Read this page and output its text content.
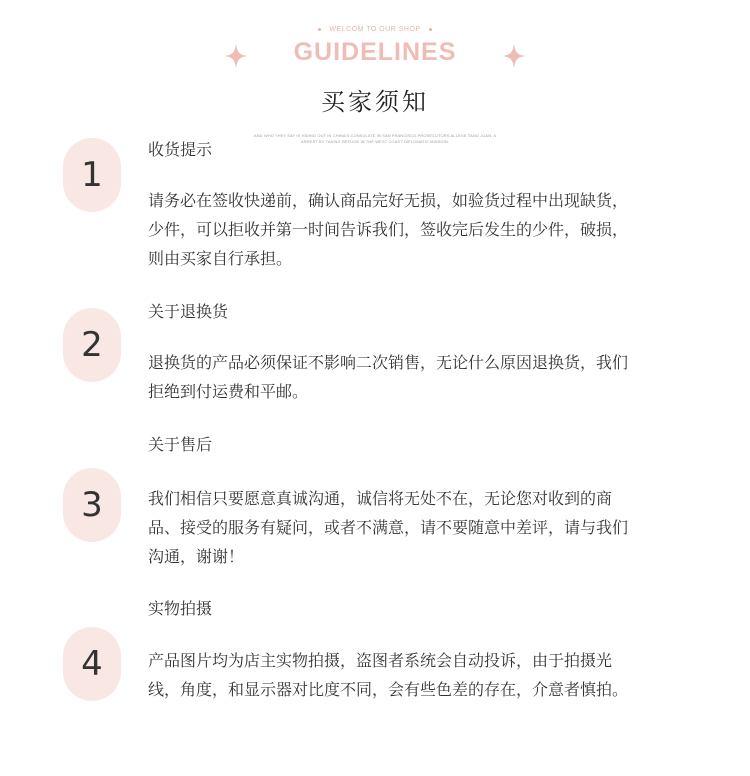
WELCOM TO OUR SHOP
GUIDELINES
买家须知
AND WHO THEY SAY IS HIDING OUT IN CHINA'S CONSULATE IN SAN FRANCISCO,PROSECUTORS ALLEGE.TANG JUAN, A
ARREST BY TAKING REFUGE IN THE WEST COAST DIPLOMATIC MISSION.
1
收货提示
请务必在签收快递前，确认商品完好无损，如验货过程中出现缺货，
少件，可以拒收并第一时间告诉我们，签收完后发生的少件，破损，
则由买家自行承担。
2
关于退换货
退换货的产品必须保证不影响二次销售，无论什么原因退换货，我们
拒绝到付运费和平邮。
3
关于售后
我们相信只要愿意真诚沟通，诚信将无处不在，无论您对收到的商
品、接受的服务有疑问，或者不满意，请不要随意中差评，请与我们
沟通，谢谢！
4
实物拍摄
产品图片均为店主实物拍摄，盗图者系统会自动投诉，由于拍摄光
线，角度，和显示器对比度不同，会有些色差的存在，介意者慎拍。
